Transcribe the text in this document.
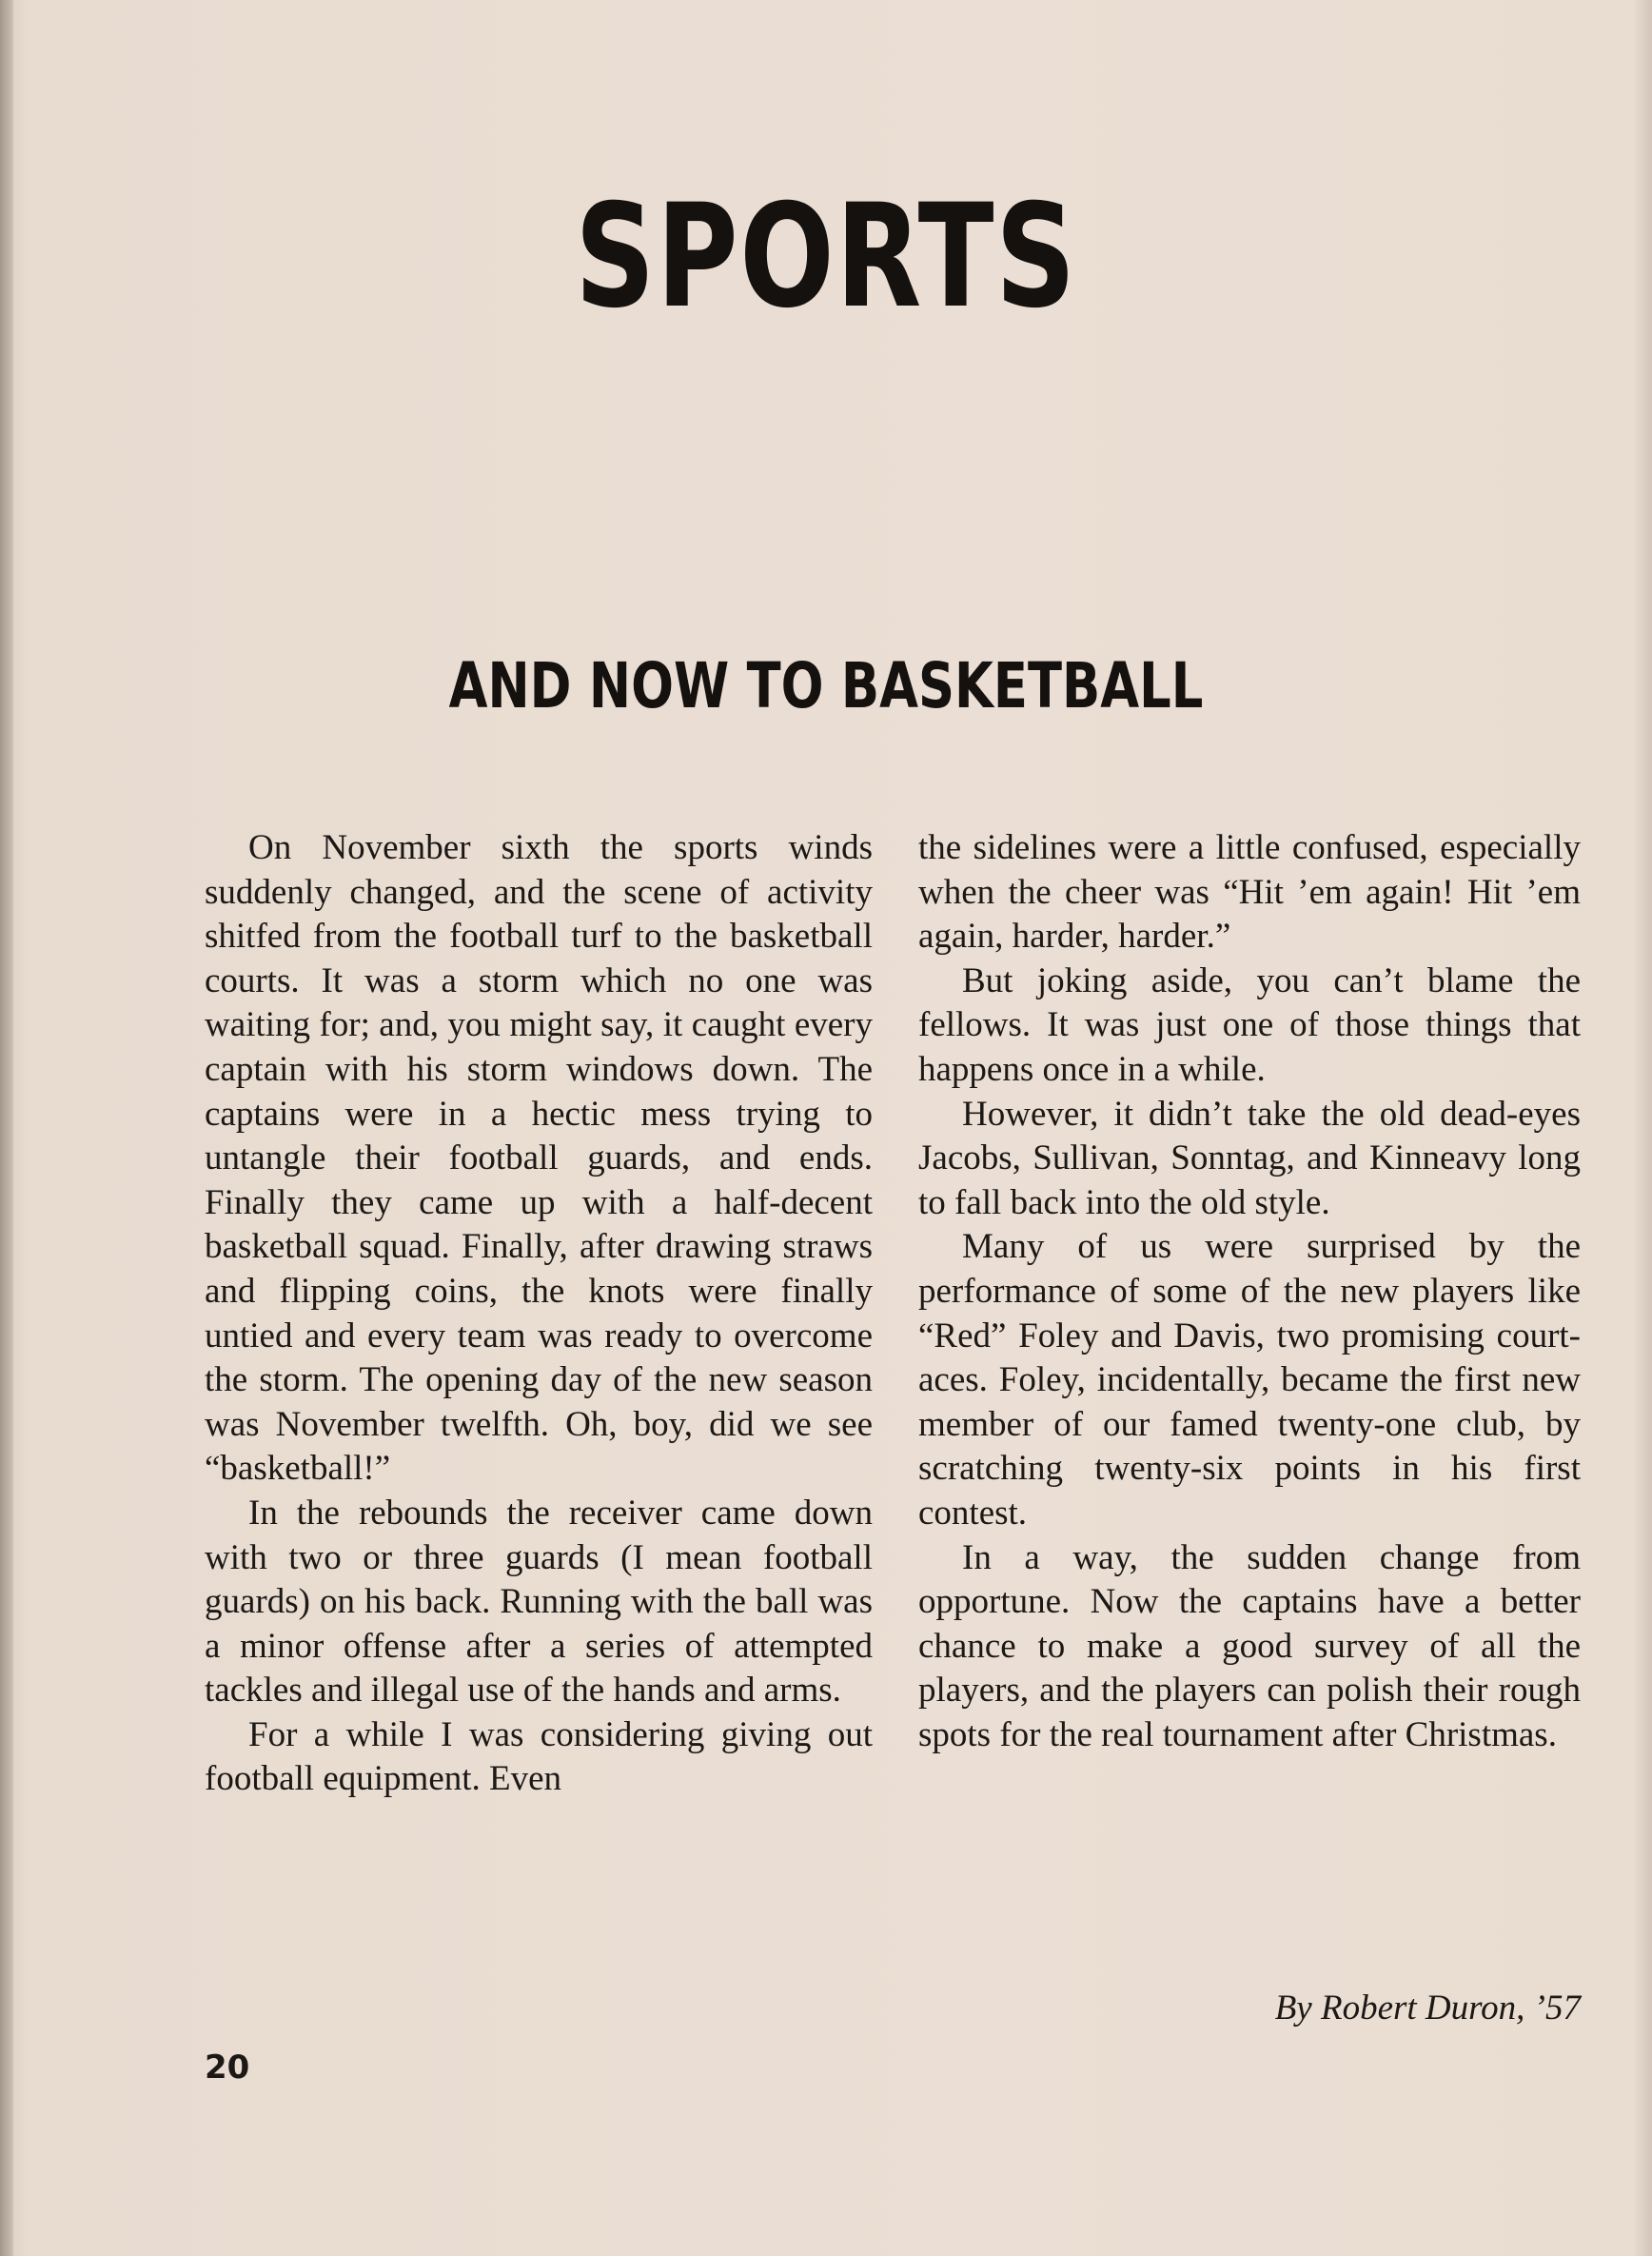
SPORTS
AND NOW TO BASKETBALL

On November sixth the sports winds suddenly changed, and the scene of activity shitfed from the football turf to the basketball courts. It was a storm which no one was waiting for; and, you might say, it caught every captain with his storm windows down. The captains were in a hectic mess trying to untangle their football guards, and ends. Finally they came up with a half-decent basketball squad. Finally, after drawing straws and flipping coins, the knots were finally untied and every team was ready to overcome the storm. The opening day of the new season was November twelfth. Oh, boy, did we see “basketball!”

In the rebounds the receiver came down with two or three guards (I mean football guards) on his back. Running with the ball was a minor offense after a series of attempted tackles and illegal use of the hands and arms.

For a while I was considering giving out football equipment. Even

the sidelines were a little confused, especially when the cheer was “Hit ’em again! Hit ’em again, harder, harder.”

But joking aside, you can’t blame the fellows. It was just one of those things that happens once in a while.

However, it didn’t take the old dead-eyes Jacobs, Sullivan, Sonntag, and Kinneavy long to fall back into the old style.

Many of us were surprised by the performance of some of the new players like “Red” Foley and Davis, two promising court-aces. Foley, incidentally, became the first new member of our famed twenty-one club, by scratching twenty-six points in his first contest.

In a way, the sudden change from opportune. Now the captains have a better chance to make a good survey of all the players, and the players can polish their rough spots for the real tournament after Christmas.

By Robert Duron, ’57
20
